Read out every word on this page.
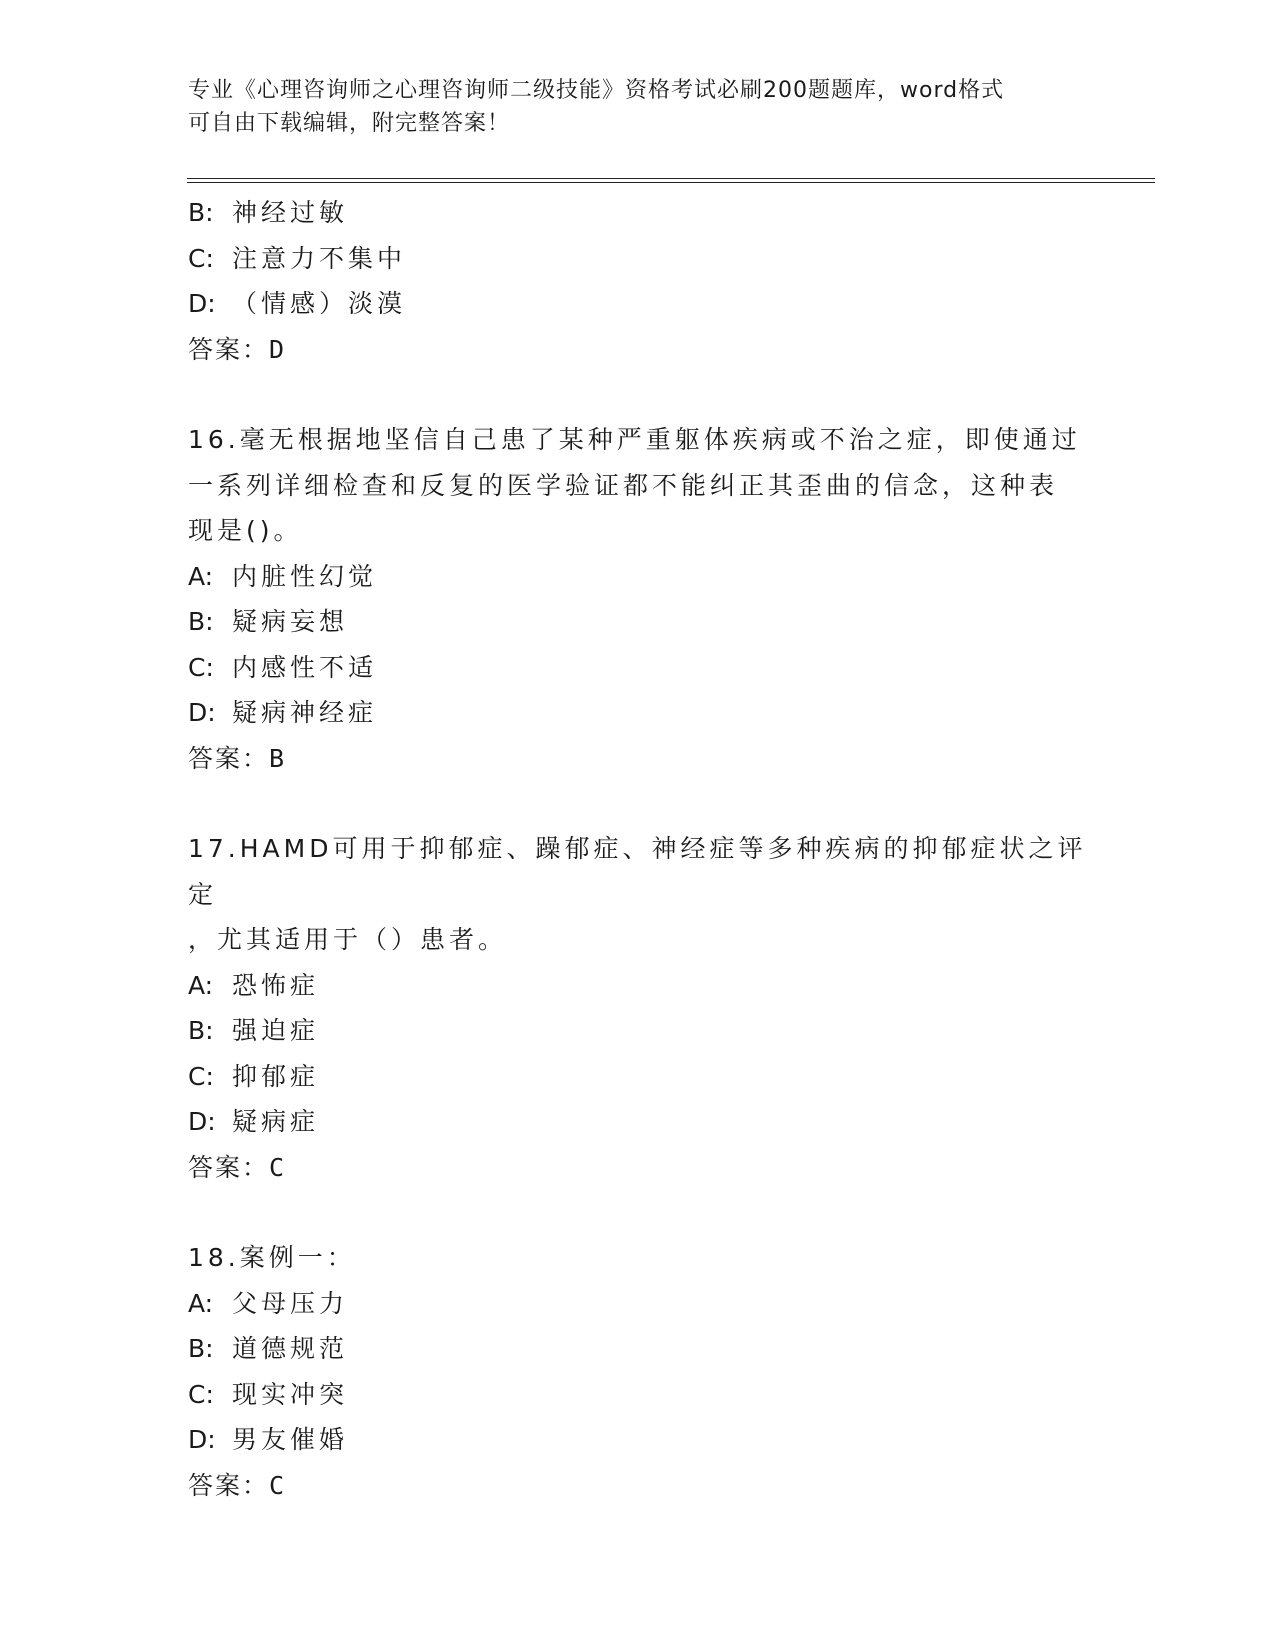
专业《心理咨询师之心理咨询师二级技能》资格考试必刷200题题库，word格式
可自由下载编辑，附完整答案！
B: 神经过敏
C: 注意力不集中
D: （情感）淡漠
答案：D
16.毫无根据地坚信自己患了某种严重躯体疾病或不治之症，即使通过
一系列详细检查和反复的医学验证都不能纠正其歪曲的信念，这种表
现是()。
A: 内脏性幻觉
B: 疑病妄想
C: 内感性不适
D: 疑病神经症
答案：B
17.HAMD可用于抑郁症、躁郁症、神经症等多种疾病的抑郁症状之评定
，尤其适用于（）患者。
A: 恐怖症
B: 强迫症
C: 抑郁症
D: 疑病症
答案：C
18.案例一：
A: 父母压力
B: 道德规范
C: 现实冲突
D: 男友催婚
答案：C
